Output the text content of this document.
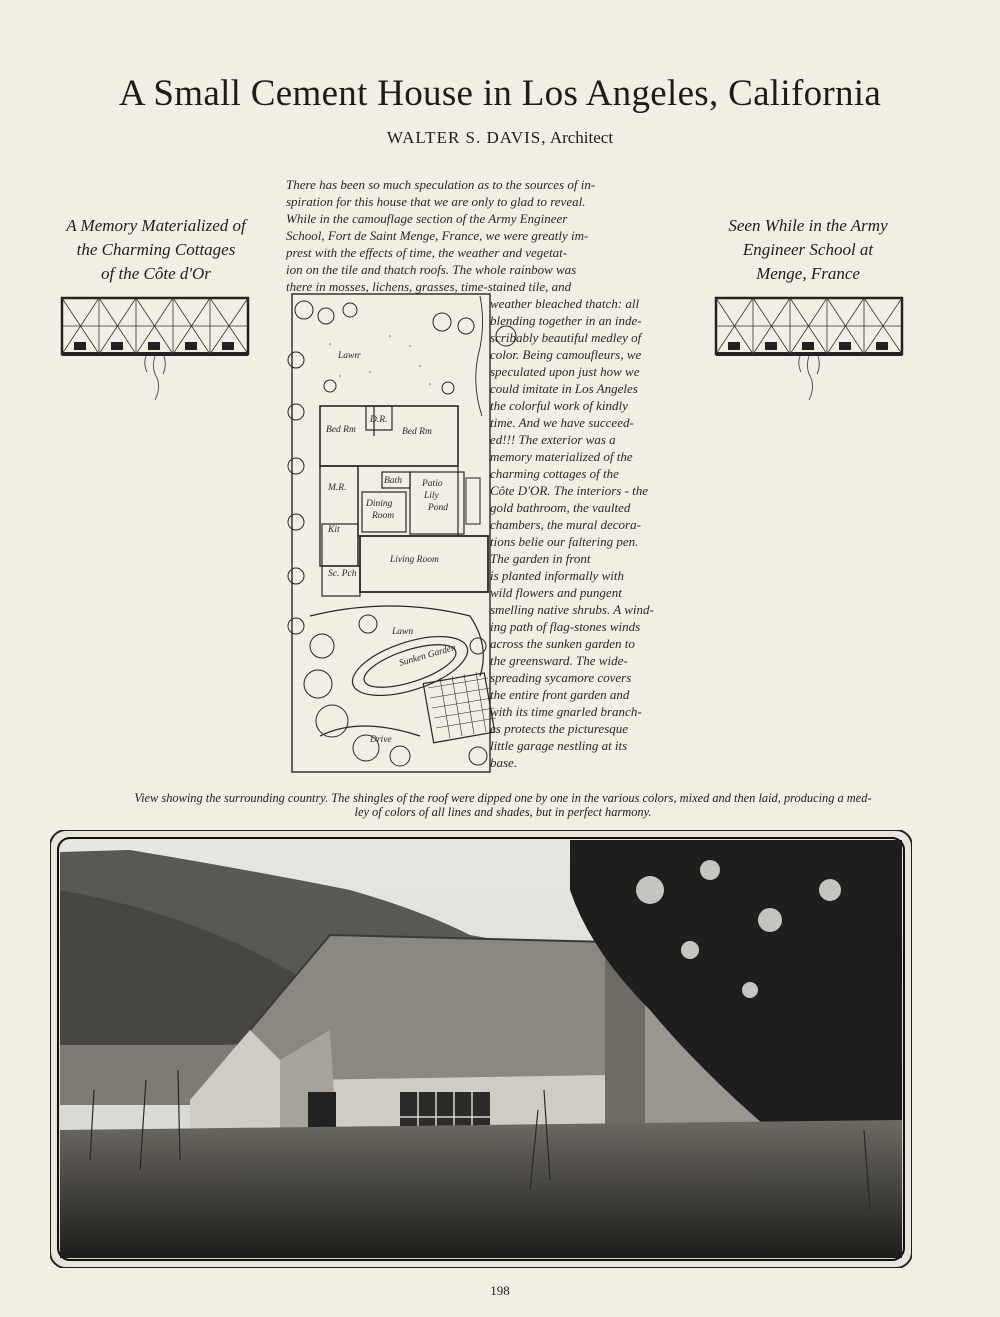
A Small Cement House in Los Angeles, California
WALTER S. DAVIS, Architect
A Memory Materialized of
the Charming Cottages
of the Côte d'Or
Seen While in the Army
Engineer School at
Menge, France
There has been so much speculation as to the sources of in-
spiration for this house that we are only to glad to reveal.
While in the camouflage section of the Army Engineer
School, Fort de Saint Menge, France, we were greatly im-
prest with the effects of time, the weather and vegetat-
ion on the tile and thatch roofs. The whole rainbow was
there in mosses, lichens, grasses, time-stained tile, and
Lawn
Bed Rm
D.R.
Bed Rm
Bath Patio
Lily
Pond
M.R.
Dining
Room
Kit
Living Room
Sc. Pch
Lawn
Sunken Garden
Drive
weather bleached thatch: all
blending together in an inde-
scribably beautiful medley of
color. Being camoufleurs, we
speculated upon just how we
could imitate in Los Angeles
the colorful work of kindly
time. And we have succeed-
ed!!! The exterior was a
memory materialized of the
charming cottages of the
Côte D'OR. The interiors - the
gold bathroom, the vaulted
chambers, the mural decora-
tions belie our faltering pen.
The garden in front
is planted informally with
wild flowers and pungent
smelling native shrubs. A wind-
ing path of flag-stones winds
across the sunken garden to
the greensward. The wide-
spreading sycamore covers
the entire front garden and
with its time gnarled branch-
es protects the picturesque
little garage nestling at its
base.
View showing the surrounding country. The shingles of the roof were dipped one by one in the various colors, mixed and then laid, producing a med-
ley of colors of all lines and shades, but in perfect harmony.
198
